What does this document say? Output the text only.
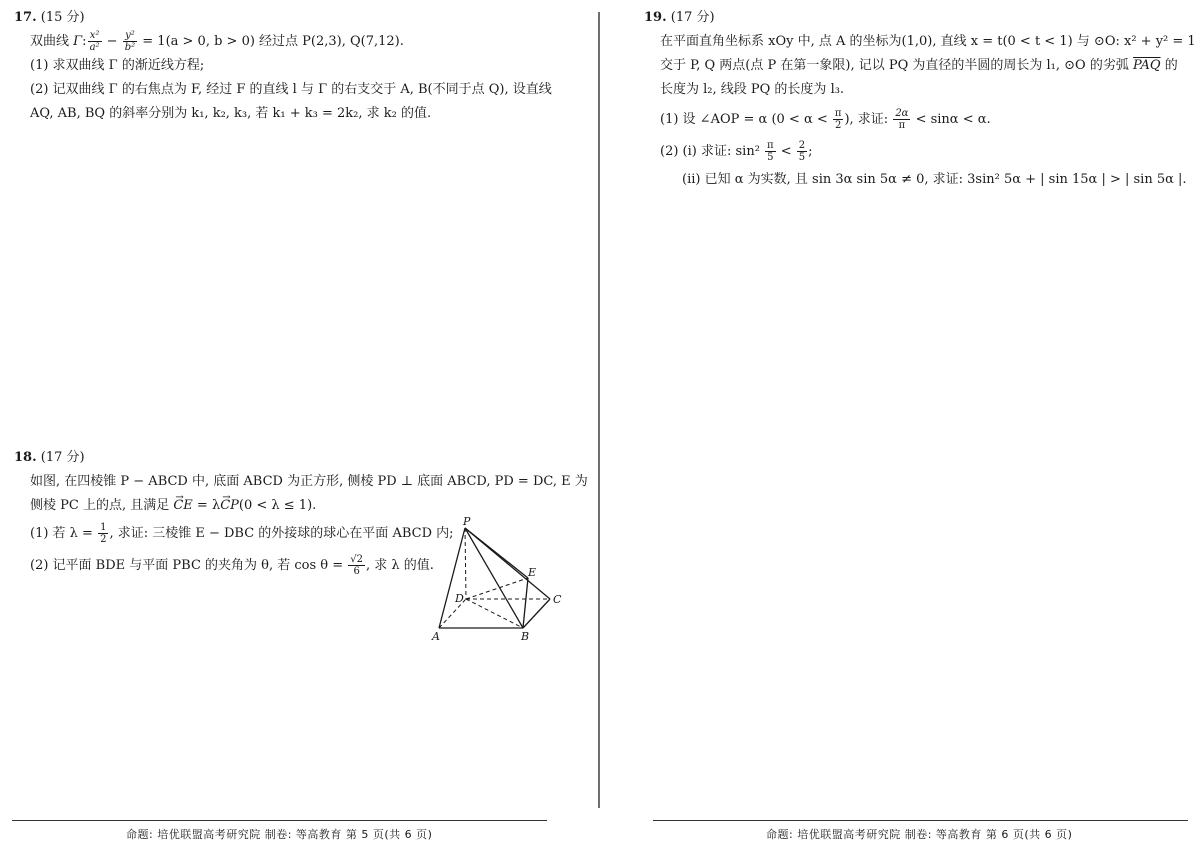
17. (15 分)
双曲线 Γ: $\frac{\text{x²}}{\text{a²}} - \frac{\text{y²}}{\text{b²}} = 1(a > 0$, b > 0) 经过点 P(2,3), Q(7,12).
(1) 求双曲线 Γ 的渐近线方程;
(2) 记双曲线 Γ 的右焦点为 F, 经过 F 的直线 l 与 Γ 的右支交于 A, B(不同于点 Q), 设直线
AQ, AB, BQ 的斜率分别为 k₁, k₂, k₃, 若 k₁ + k₃ = 2k₂, 求 k₂ 的值.
18. (17 分)
如图, 在四棱锥 P − ABCD 中, 底面 ABCD 为正方形, 侧棱 PD ⊥ 底面 ABCD, PD = DC, E 为
侧棱 PC 上的点, 且满足 → CE = λ→ CP(0 < λ ≤ 1).
(1) 若 $\lambda = \frac{1}{2}$ , 求证: 三棱锥 E − DBC 的外接球的球心在平面 ABCD 内;
(2) 记平面 BDE 与平面 PBC 的夹角为 θ, 若 $\cos \theta = \frac{√2}{6}$ , 求 λ 的值.
P
E
D	C
A	B
命题: 培优联盟高考研究院 制卷: 等高教育 第 5 页(共 6 页)
19. (17 分)
在平面直角坐标系 xOy 中, 点 A 的坐标为(1,0), 直线 x = t(0 < t < 1) 与 ⊙O: x² + y² = 1
交于 P, Q 两点(点 P 在第一象限), 记以 PQ 为直径的半圆的周长为 l₁, ⊙O 的劣弧 $\overline{PAQ}$ 的
长度为 l₂, 线段 PQ 的长度为 l₃.
(1) 设 ∠AOP = α ($0 < \alpha < \frac{\pi}{2}$ ), 求证: $\frac{2\alpha}{\pi} < \sin\alpha < \alpha$.
(2) (ⅰ) 求证: $\sin^2 \frac{\pi}{5} < \frac{2}{5}$ ;
(ⅱ) 已知 α 为实数, 且 sin 3α sin 5α ≠ 0, 求证: 3sin² 5α + | sin 15α | > | sin 5α |.
命题: 培优联盟高考研究院 制卷: 等高教育 第 6 页(共 6 页)
